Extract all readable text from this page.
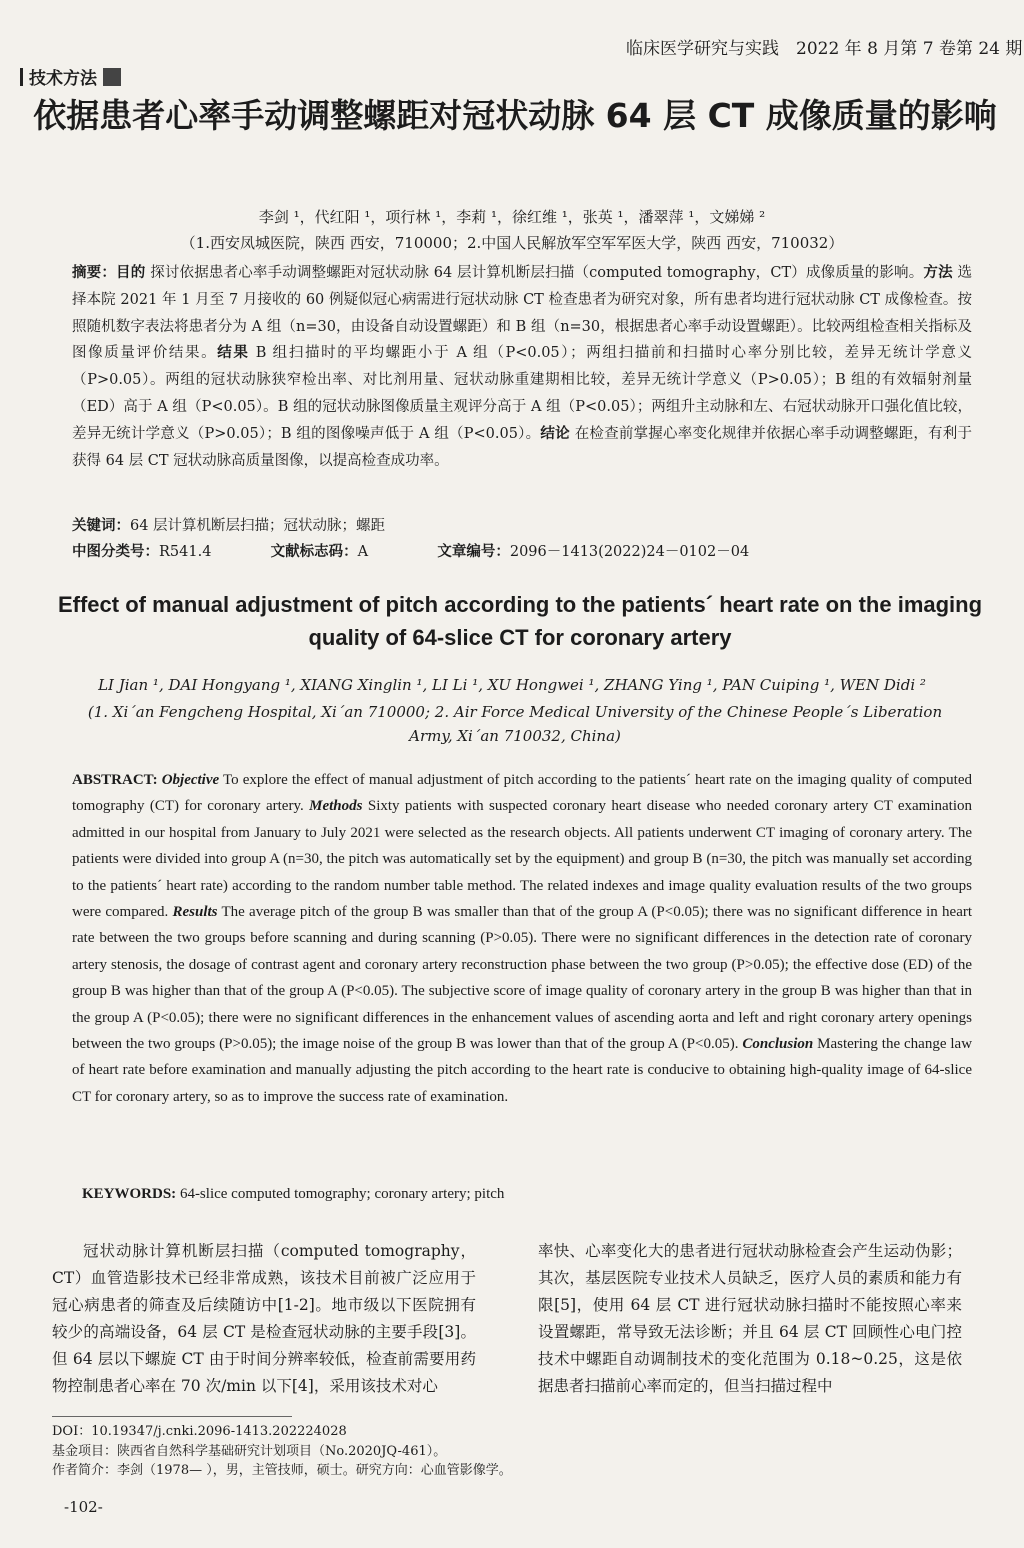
临床医学研究与实践　2022 年 8 月第 7 卷第 24 期
技术方法
依据患者心率手动调整螺距对冠状动脉 64 层 CT 成像质量的影响
李剑 ¹，代红阳 ¹，项行林 ¹，李莉 ¹，徐红维 ¹，张英 ¹，潘翠萍 ¹，文娣娣 ²
（1.西安凤城医院，陕西 西安，710000；2.中国人民解放军空军军医大学，陕西 西安，710032）
摘要：目的 探讨依据患者心率手动调整螺距对冠状动脉 64 层计算机断层扫描（computed tomography，CT）成像质量的影响。方法 选择本院 2021 年 1 月至 7 月接收的 60 例疑似冠心病需进行冠状动脉 CT 检查患者为研究对象，所有患者均进行冠状动脉 CT 成像检查。按照随机数字表法将患者分为 A 组（n=30，由设备自动设置螺距）和 B 组（n=30，根据患者心率手动设置螺距）。比较两组检查相关指标及图像质量评价结果。结果 B 组扫描时的平均螺距小于 A 组（P<0.05）；两组扫描前和扫描时心率分别比较，差异无统计学意义（P>0.05）。两组的冠状动脉狭窄检出率、对比剂用量、冠状动脉重建期相比较，差异无统计学意义（P>0.05）；B 组的有效辐射剂量（ED）高于 A 组（P<0.05）。B 组的冠状动脉图像质量主观评分高于 A 组（P<0.05）；两组升主动脉和左、右冠状动脉开口强化值比较，差异无统计学意义（P>0.05）；B 组的图像噪声低于 A 组（P<0.05）。结论 在检查前掌握心率变化规律并依据心率手动调整螺距，有利于获得 64 层 CT 冠状动脉高质量图像，以提高检查成功率。
关键词：64 层计算机断层扫描；冠状动脉；螺距
中图分类号：R541.4	文献标志码：A	文章编号：2096－1413(2022)24－0102－04
Effect of manual adjustment of pitch according to the patients´ heart rate on the imaging quality of 64-slice CT for coronary artery
LI Jian ¹, DAI Hongyang ¹, XIANG Xinglin ¹, LI Li ¹, XU Hongwei ¹, ZHANG Ying ¹, PAN Cuiping ¹, WEN Didi ²
(1. Xi´an Fengcheng Hospital, Xi´an 710000; 2. Air Force Medical University of the Chinese People´s Liberation Army, Xi´an 710032, China)
ABSTRACT: Objective To explore the effect of manual adjustment of pitch according to the patients´ heart rate on the imaging quality of computed tomography (CT) for coronary artery. Methods Sixty patients with suspected coronary heart disease who needed coronary artery CT examination admitted in our hospital from January to July 2021 were selected as the research objects. All patients underwent CT imaging of coronary artery. The patients were divided into group A (n=30, the pitch was automatically set by the equipment) and group B (n=30, the pitch was manually set according to the patients´ heart rate) according to the random number table method. The related indexes and image quality evaluation results of the two groups were compared. Results The average pitch of the group B was smaller than that of the group A (P<0.05); there was no significant difference in heart rate between the two groups before scanning and during scanning (P>0.05). There were no significant differences in the detection rate of coronary artery stenosis, the dosage of contrast agent and coronary artery reconstruction phase between the two group (P>0.05); the effective dose (ED) of the group B was higher than that of the group A (P<0.05). The subjective score of image quality of coronary artery in the group B was higher than that in the group A (P<0.05); there were no significant differences in the enhancement values of ascending aorta and left and right coronary artery openings between the two groups (P>0.05); the image noise of the group B was lower than that of the group A (P<0.05). Conclusion Mastering the change law of heart rate before examination and manually adjusting the pitch according to the heart rate is conducive to obtaining high-quality image of 64-slice CT for coronary artery, so as to improve the success rate of examination.
KEYWORDS: 64-slice computed tomography; coronary artery; pitch
冠状动脉计算机断层扫描（computed tomography，CT）血管造影技术已经非常成熟，该技术目前被广泛应用于冠心病患者的筛查及后续随访中[1-2]。地市级以下医院拥有较少的高端设备，64 层 CT 是检查冠状动脉的主要手段[3]。但 64 层以下螺旋 CT 由于时间分辨率较低，检查前需要用药物控制患者心率在 70 次/min 以下[4]，采用该技术对心
率快、心率变化大的患者进行冠状动脉检查会产生运动伪影；其次，基层医院专业技术人员缺乏，医疗人员的素质和能力有限[5]，使用 64 层 CT 进行冠状动脉扫描时不能按照心率来设置螺距，常导致无法诊断；并且 64 层 CT 回顾性心电门控技术中螺距自动调制技术的变化范围为 0.18~0.25，这是依据患者扫描前心率而定的，但当扫描过程中
DOI：10.19347/j.cnki.2096-1413.202224028
基金项目：陕西省自然科学基础研究计划项目（No.2020JQ-461）。
作者简介：李剑（1978— ），男，主管技师，硕士。研究方向：心血管影像学。
-102-
